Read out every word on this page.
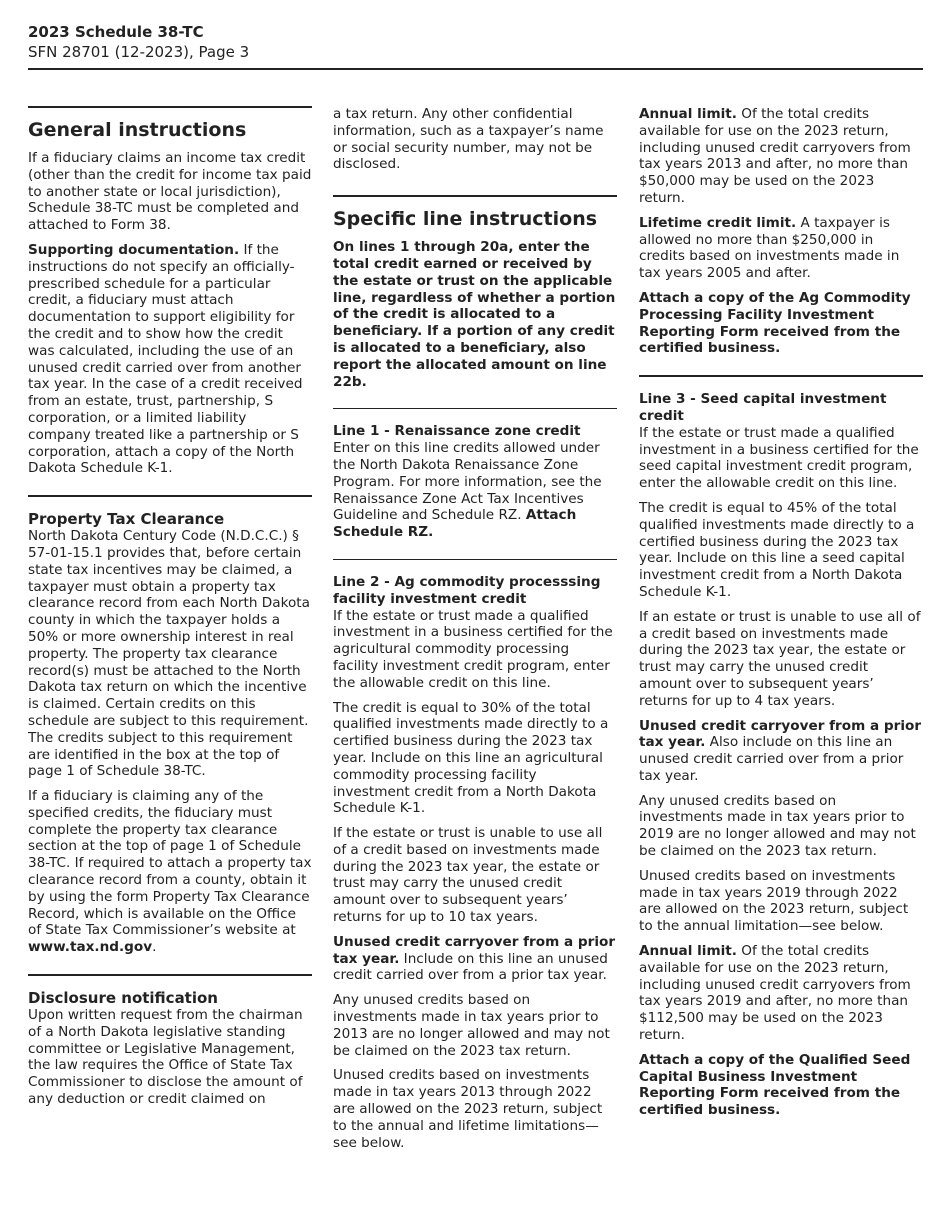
2023 Schedule 38-TC
SFN 28701 (12-2023), Page 3
General instructions

If a fiduciary claims an income tax credit (other than the credit for income tax paid to another state or local jurisdiction), Schedule 38-TC must be completed and attached to Form 38.

Supporting documentation. If the instructions do not specify an officially-prescribed schedule for a particular credit, a fiduciary must attach documentation to support eligibility for the credit and to show how the credit was calculated, including the use of an unused credit carried over from another tax year. In the case of a credit received from an estate, trust, partnership, S corporation, or a limited liability company treated like a partnership or S corporation, attach a copy of the North Dakota Schedule K-1.

Property Tax Clearance

North Dakota Century Code (N.D.C.C.) § 57-01-15.1 provides that, before certain state tax incentives may be claimed, a taxpayer must obtain a property tax clearance record from each North Dakota county in which the taxpayer holds a 50% or more ownership interest in real property. The property tax clearance record(s) must be attached to the North Dakota tax return on which the incentive is claimed. Certain credits on this schedule are subject to this requirement. The credits subject to this requirement are identified in the box at the top of page 1 of Schedule 38-TC.

If a fiduciary is claiming any of the specified credits, the fiduciary must complete the property tax clearance section at the top of page 1 of Schedule 38-TC. If required to attach a property tax clearance record from a county, obtain it by using the form Property Tax Clearance Record, which is available on the Office of State Tax Commissioner’s website at www.tax.nd.gov.

Disclosure notification

Upon written request from the chairman of a North Dakota legislative standing committee or Legislative Management, the law requires the Office of State Tax Commissioner to disclose the amount of any deduction or credit claimed on

a tax return. Any other confidential information, such as a taxpayer’s name or social security number, may not be disclosed.

Specific line instructions

On lines 1 through 20a, enter the total credit earned or received by the estate or trust on the applicable line, regardless of whether a portion of the credit is allocated to a beneficiary. If a portion of any credit is allocated to a beneficiary, also report the allocated amount on line 22b.

Line 1 - Renaissance zone credit

Enter on this line credits allowed under the North Dakota Renaissance Zone Program. For more information, see the Renaissance Zone Act Tax Incentives Guideline and Schedule RZ. Attach Schedule RZ.

Line 2 - Ag commodity processsing facility investment credit

If the estate or trust made a qualified investment in a business certified for the agricultural commodity processing facility investment credit program, enter the allowable credit on this line.

The credit is equal to 30% of the total qualified investments made directly to a certified business during the 2023 tax year. Include on this line an agricultural commodity processing facility investment credit from a North Dakota Schedule K-1.

If the estate or trust is unable to use all of a credit based on investments made during the 2023 tax year, the estate or trust may carry the unused credit amount over to subsequent years’ returns for up to 10 tax years.

Unused credit carryover from a prior tax year. Include on this line an unused credit carried over from a prior tax year.

Any unused credits based on investments made in tax years prior to 2013 are no longer allowed and may not be claimed on the 2023 tax return.

Unused credits based on investments made in tax years 2013 through 2022 are allowed on the 2023 return, subject to the annual and lifetime limitations—see below.

Annual limit. Of the total credits available for use on the 2023 return, including unused credit carryovers from tax years 2013 and after, no more than $50,000 may be used on the 2023 return.

Lifetime credit limit. A taxpayer is allowed no more than $250,000 in credits based on investments made in tax years 2005 and after.

Attach a copy of the Ag Commodity Processing Facility Investment Reporting Form received from the certified business.

Line 3 - Seed capital investment credit

If the estate or trust made a qualified investment in a business certified for the seed capital investment credit program, enter the allowable credit on this line.

The credit is equal to 45% of the total qualified investments made directly to a certified business during the 2023 tax year. Include on this line a seed capital investment credit from a North Dakota Schedule K-1.

If an estate or trust is unable to use all of a credit based on investments made during the 2023 tax year, the estate or trust may carry the unused credit amount over to subsequent years’ returns for up to 4 tax years.

Unused credit carryover from a prior tax year. Also include on this line an unused credit carried over from a prior tax year.

Any unused credits based on investments made in tax years prior to 2019 are no longer allowed and may not be claimed on the 2023 tax return.

Unused credits based on investments made in tax years 2019 through 2022 are allowed on the 2023 return, subject to the annual limitation—see below.

Annual limit. Of the total credits available for use on the 2023 return, including unused credit carryovers from tax years 2019 and after, no more than $112,500 may be used on the 2023 return.

Attach a copy of the Qualified Seed Capital Business Investment Reporting Form received from the certified business.
